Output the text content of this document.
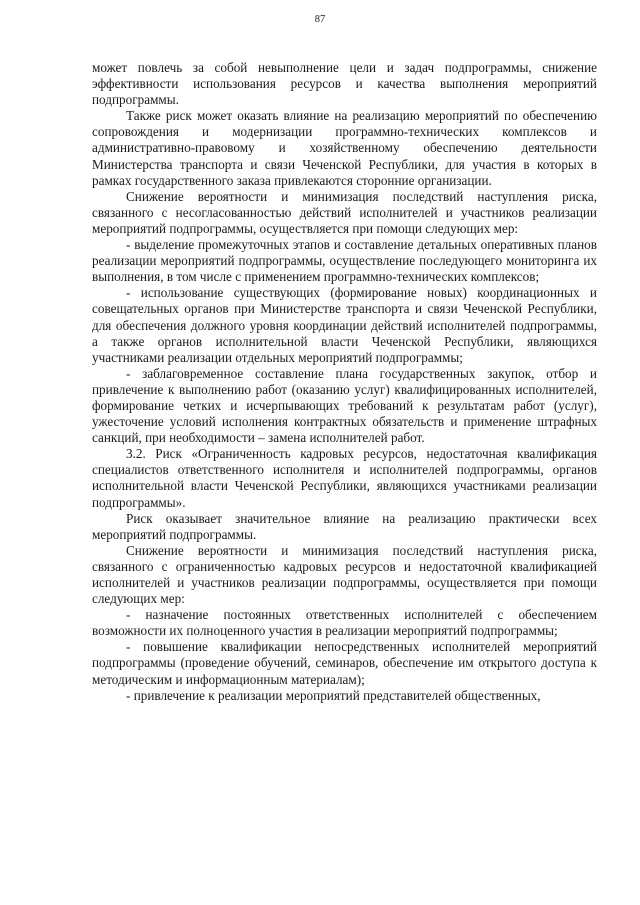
87

может повлечь за собой невыполнение цели и задач подпрограммы, снижение эффективности использования ресурсов и качества выполнения мероприятий подпрограммы.

Также риск может оказать влияние на реализацию мероприятий по обеспечению сопровождения и модернизации программно-технических комплексов и административно-правовому и хозяйственному обеспечению деятельности Министерства транспорта и связи Чеченской Республики, для участия в которых в рамках государственного заказа привлекаются сторонние организации.

Снижение вероятности и минимизация последствий наступления риска, связанного с несогласованностью действий исполнителей и участников реализации мероприятий подпрограммы, осуществляется при помощи следующих мер:

- выделение промежуточных этапов и составление детальных оперативных планов реализации мероприятий подпрограммы, осуществление последующего мониторинга их выполнения, в том числе с применением программно-технических комплексов;

- использование существующих (формирование новых) координационных и совещательных органов при Министерстве транспорта и связи Чеченской Республики, для обеспечения должного уровня координации действий исполнителей подпрограммы, а также органов исполнительной власти Чеченской Республики, являющихся участниками реализации отдельных мероприятий подпрограммы;

- заблаговременное составление плана государственных закупок, отбор и привлечение к выполнению работ (оказанию услуг) квалифицированных исполнителей, формирование четких и исчерпывающих требований к результатам работ (услуг), ужесточение условий исполнения контрактных обязательств и применение штрафных санкций, при необходимости – замена исполнителей работ.

3.2. Риск «Ограниченность кадровых ресурсов, недостаточная квалификация специалистов ответственного исполнителя и исполнителей подпрограммы, органов исполнительной власти Чеченской Республики, являющихся участниками реализации подпрограммы».

Риск оказывает значительное влияние на реализацию практически всех мероприятий подпрограммы.

Снижение вероятности и минимизация последствий наступления риска, связанного с ограниченностью кадровых ресурсов и недостаточной квалификацией исполнителей и участников реализации подпрограммы, осуществляется при помощи следующих мер:

- назначение постоянных ответственных исполнителей с обеспечением возможности их полноценного участия в реализации мероприятий подпрограммы;

- повышение квалификации непосредственных исполнителей мероприятий подпрограммы (проведение обучений, семинаров, обеспечение им открытого доступа к методическим и информационным материалам);

- привлечение к реализации мероприятий представителей общественных,
